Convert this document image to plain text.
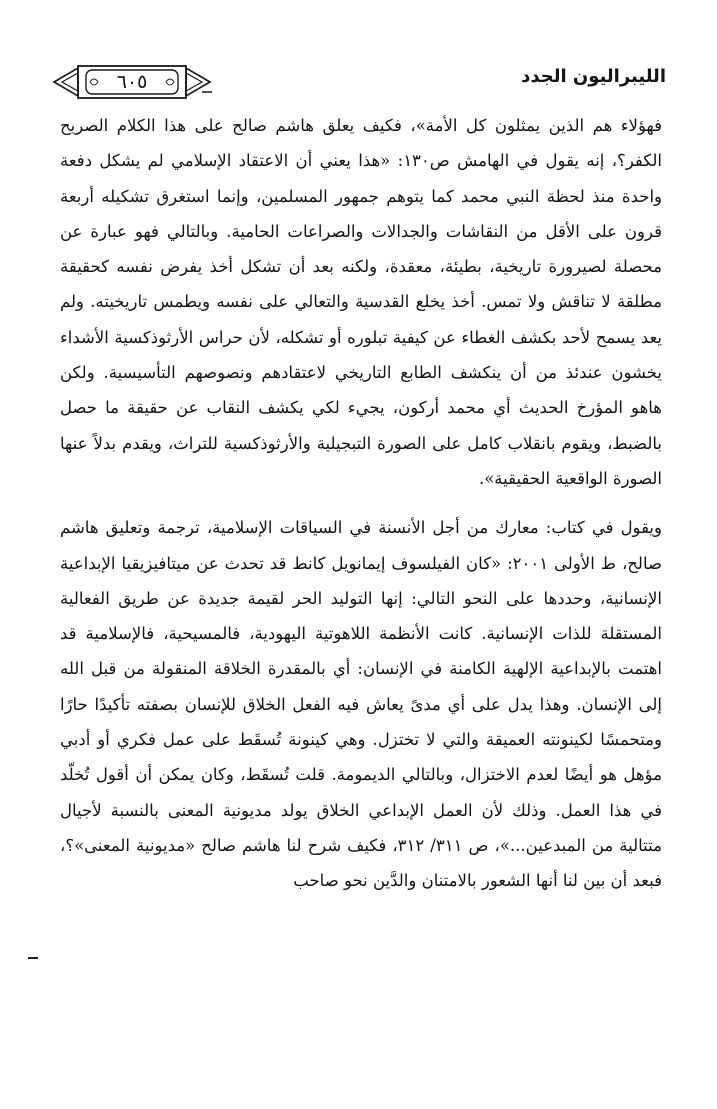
الليبراليون الجدد
٦٠٥

فهؤلاء هم الذين يمثلون كل الأمة»، فكيف يعلق هاشم صالح على هذا الكلام الصريح الكفر؟، إنه يقول في الهامش ص١٣٠: «هذا يعني أن الاعتقاد الإسلامي لم يشكل دفعة واحدة منذ لحظة النبي محمد كما يتوهم جمهور المسلمين، وإنما استغرق تشكيله أربعة قرون على الأقل من النقاشات والجدالات والصراعات الحامية. وبالتالي فهو عبارة عن محصلة لصيرورة تاريخية، بطيئة، معقدة، ولكنه بعد أن تشكل أخذ يفرض نفسه كحقيقة مطلقة لا تناقش ولا تمس. أخذ يخلع القدسية والتعالي على نفسه ويطمس تاريخيته. ولم يعد يسمح لأحد بكشف الغطاء عن كيفية تبلوره أو تشكله، لأن حراس الأرثوذكسية الأشداء يخشون عندئذ من أن ينكشف الطابع التاريخي لاعتقادهم ونصوصهم التأسيسية. ولكن هاهو المؤرخ الحديث أي محمد أركون، يجيء لكي يكشف النقاب عن حقيقة ما حصل بالضبط، ويقوم بانقلاب كامل على الصورة التبجيلية والأرثوذكسية للتراث، ويقدم بدلاً عنها الصورة الواقعية الحقيقية».

ويقول في كتاب: معارك من أجل الأنسنة في السياقات الإسلامية، ترجمة وتعليق هاشم صالح، ط الأولى ٢٠٠١: «كان الفيلسوف إيمانويل كانط قد تحدث عن ميتافيزيقيا الإبداعية الإنسانية، وحددها على النحو التالي: إنها التوليد الحر لقيمة جديدة عن طريق الفعالية المستقلة للذات الإنسانية. كانت الأنظمة اللاهوتية اليهودية، فالمسيحية، فالإسلامية قد اهتمت بالإبداعية الإلهية الكامنة في الإنسان: أي بالمقدرة الخلاقة المنقولة من قبل الله إلى الإنسان. وهذا يدل على أي مدىً يعاش فيه الفعل الخلاق للإنسان بصفته تأكيدًا حارًا ومتحمسًا لكينونته العميقة والتي لا تختزل. وهي كينونة تُسقَط على عمل فكري أو أدبي مؤهل هو أيضًا لعدم الاختزال، وبالتالي الديمومة. قلت تُسقَط، وكان يمكن أن أقول تُخلّد في هذا العمل. وذلك لأن العمل الإبداعي الخلاق يولد مديونية المعنى بالنسبة لأجيال متتالية من المبدعين...»، ص ٣١١/ ٣١٢، فكيف شرح لنا هاشم صالح «مديونية المعنى»؟، فبعد أن بين لنا أنها الشعور بالامتنان والدَّين نحو صاحب
